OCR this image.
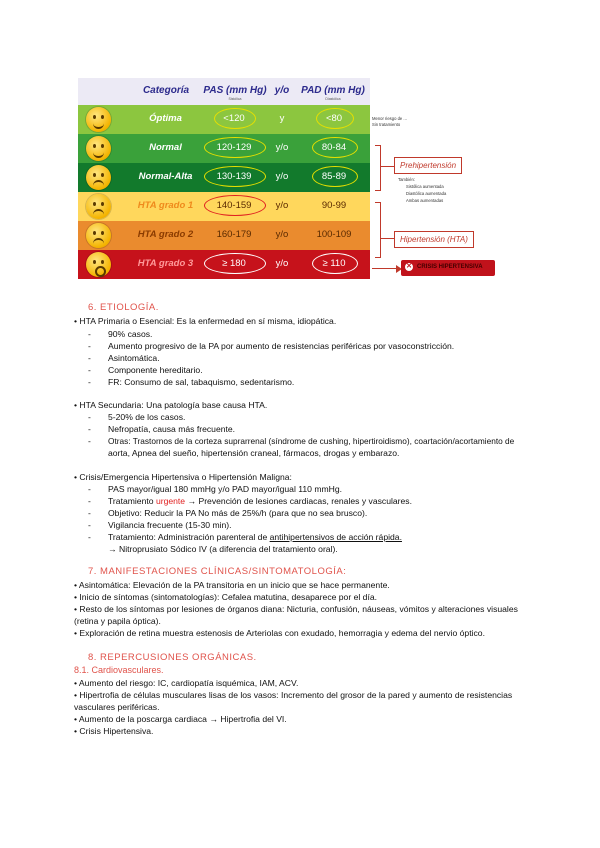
Categoría	PAS (mm Hg) y/o	PAD (mm Hg)
Sistólica	Diastólica
Óptima	<120	y	<80
Normal	120-129	y/o	80-84
Normal-Alta	130-139	y/o	85-89
HTA grado 1	140-159	y/o	90-99
HTA grado 2	160-179	y/o	100-109
HTA grado 3	≥ 180	y/o	≥ 110
Menor riesgo de ...
Sin tratamiento
Prehipertensión
También:
Sistólica aumentada
Diastólica aumentada
Ambas aumentadas
Hipertensión (HTA)
✕ CRISIS HIPERTENSIVA
6. ETIOLOGÍA.
• HTA Primaria o Esencial: Es la enfermedad en sí misma, idiopática.
- 90% casos.
- Aumento progresivo de la PA por aumento de resistencias periféricas por vasoconstricción.
- Asintomática.
- Componente hereditario.
- FR: Consumo de sal, tabaquismo, sedentarismo.
• HTA Secundaria: Una patología base causa HTA.
- 5-20% de los casos.
- Nefropatía, causa más frecuente.
- Otras: Trastornos de la corteza suprarrenal (síndrome de cushing, hipertiroidismo), coartación/acortamiento de
aorta, Apnea del sueño, hipertensión craneal, fármacos, drogas y embarazo.
• Crisis/Emergencia Hipertensiva o Hipertensión Maligna:
- PAS mayor/igual 180 mmHg y/o PAD mayor/igual 110 mmHg.
- Tratamiento urgente → Prevención de lesiones cardiacas, renales y vasculares.
- Objetivo: Reducir la PA No más de 25%/h (para que no sea brusco).
- Vigilancia frecuente (15-30 min).
- Tratamiento: Administración parenteral de antihipertensivos de acción rápida.
→ Nitroprusiato Sódico IV (a diferencia del tratamiento oral).
7. MANIFESTACIONES CLÍNICAS/SINTOMATOLOGÍA:
• Asintomática: Elevación de la PA transitoria en un inicio que se hace permanente.
• Inicio de síntomas (sintomatologías): Cefalea matutina, desaparece por el día.
• Resto de los síntomas por lesiones de órganos diana: Nicturia, confusión, náuseas, vómitos y alteraciones visuales
(retina y papila óptica).
• Exploración de retina muestra estenosis de Arteriolas con exudado, hemorragia y edema del nervio óptico.
8. REPERCUSIONES ORGÁNICAS.
8.1. Cardiovasculares.
• Aumento del riesgo: IC, cardiopatía isquémica, IAM, ACV.
• Hipertrofia de células musculares lisas de los vasos: Incremento del grosor de la pared y aumento de resistencias
vasculares periféricas.
• Aumento de la poscarga cardiaca → Hipertrofia del VI.
• Crisis Hipertensiva.
